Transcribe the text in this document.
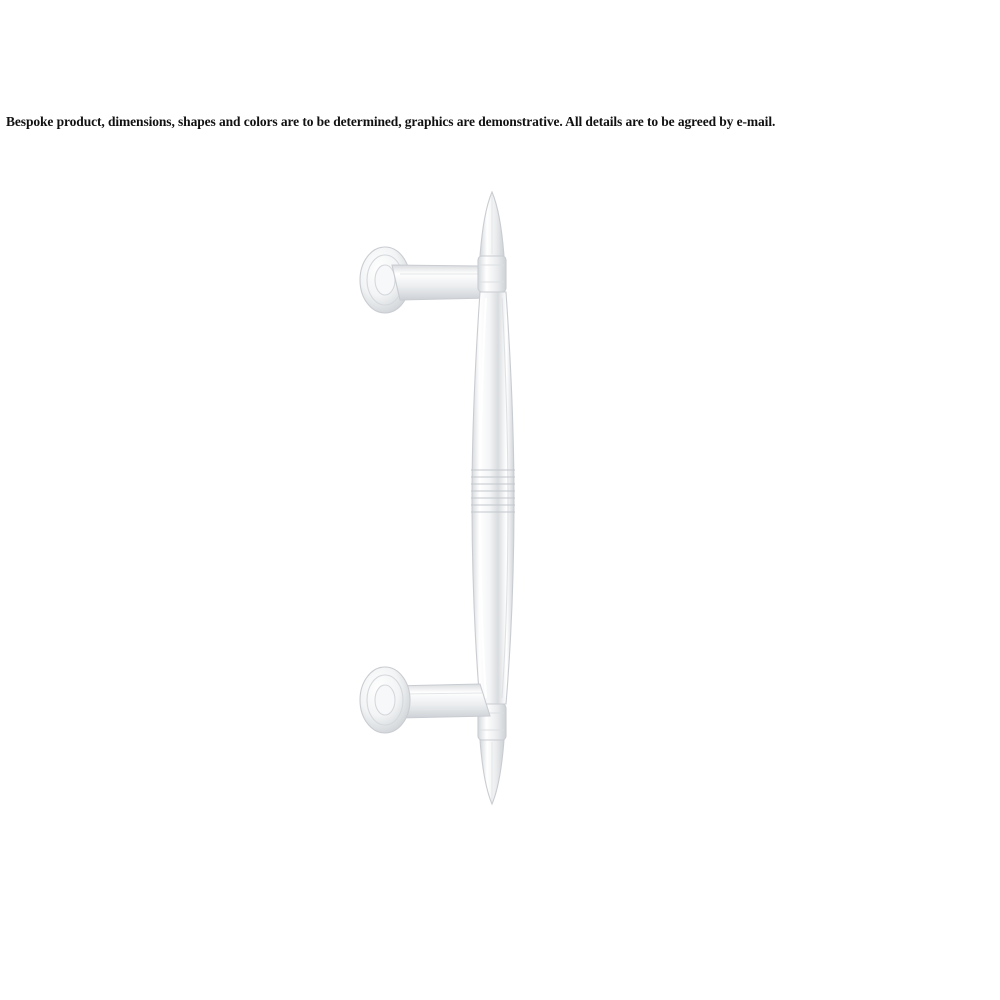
Bespoke product, dimensions, shapes and colors are to be determined, graphics are demonstrative. All details are to be agreed by e-mail.
